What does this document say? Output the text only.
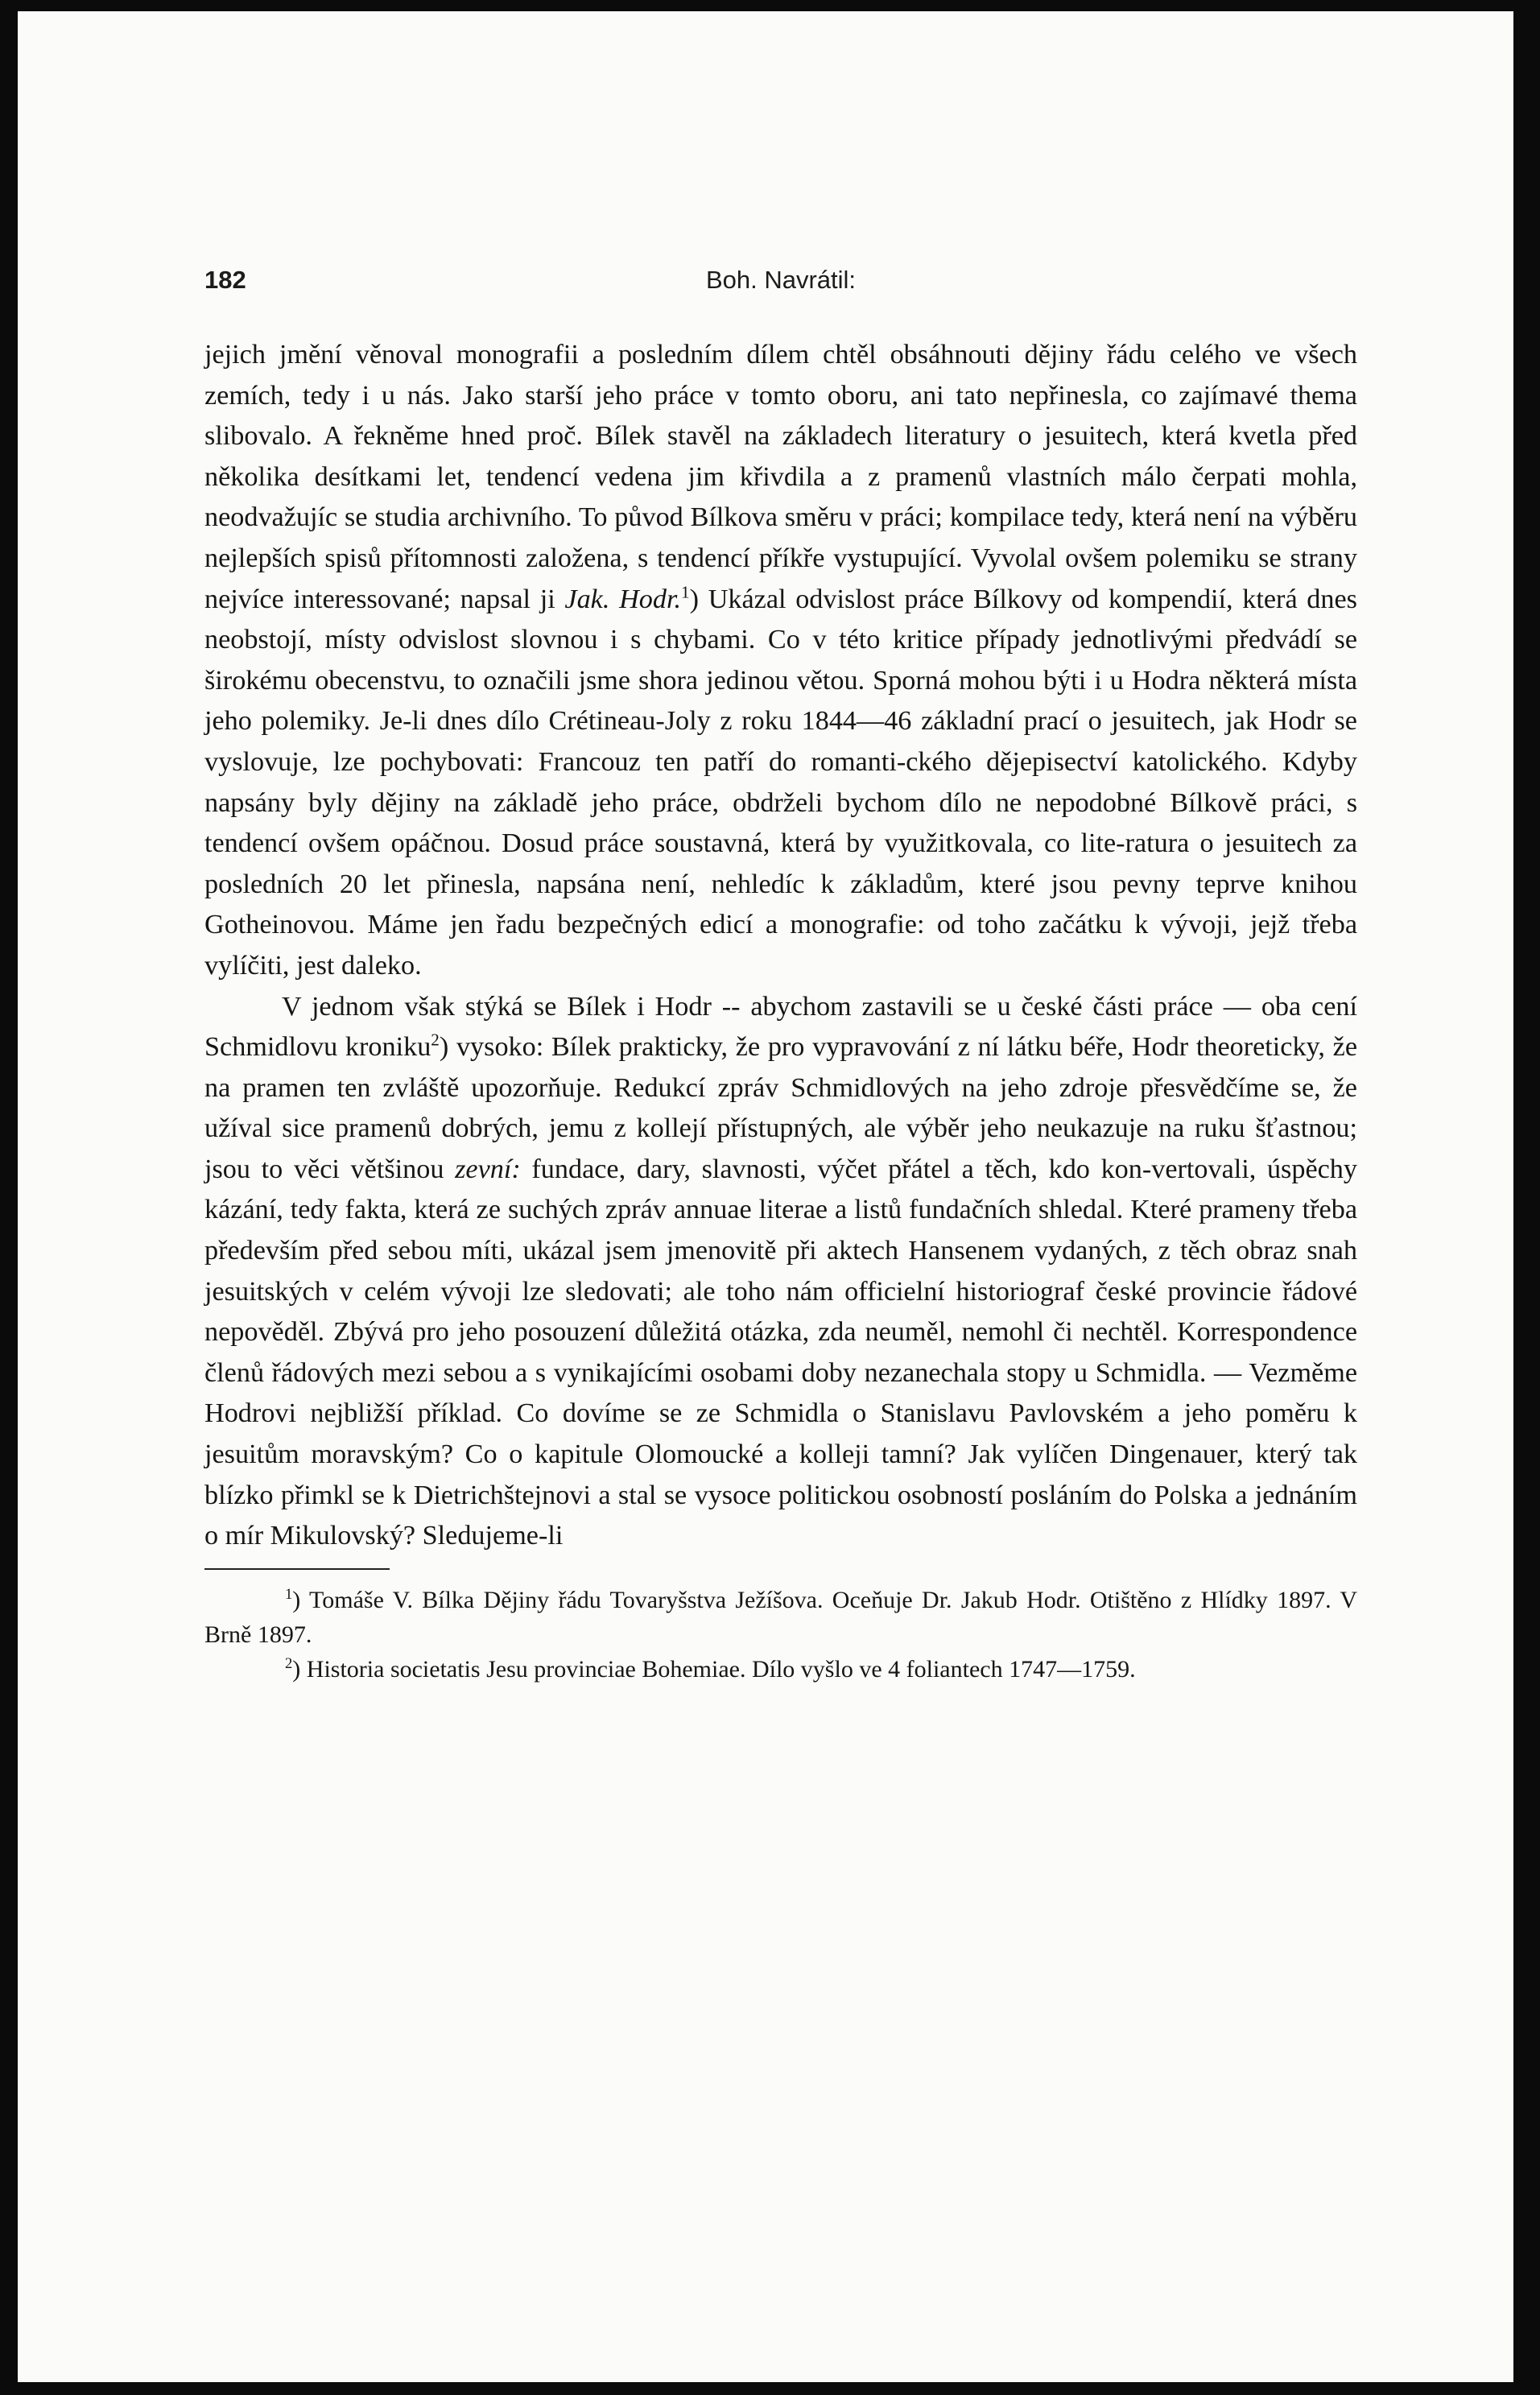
182	Boh. Navrátil:

jejich jmění věnoval monografii a posledním dílem chtěl obsáhnouti dějiny řádu celého ve všech zemích, tedy i u nás. Jako starší jeho práce v tomto oboru, ani tato nepřinesla, co zajímavé thema slibovalo. A řekněme hned proč. Bílek stavěl na základech literatury o jesuitech, která kvetla před několika desítkami let, tendencí vedena jim křivdila a z pramenů vlastních málo čerpati mohla, neodvažujíc se studia archivního. To původ Bílkova směru v práci; kompilace tedy, která není na výběru nejlepších spisů přítomnosti založena, s tendencí příkře vystupující. Vyvolal ovšem polemiku se strany nejvíce interessované; napsal ji Jak. Hodr.$^1$) Ukázal odvislost práce Bílkovy od kompendií, která dnes neobstojí, místy odvislost slovnou i s chybami. Co v této kritice případy jednotlivými předvádí se širokému obecenstvu, to označili jsme shora jedinou větou. Sporná mohou býti i u Hodra některá místa jeho polemiky. Je-li dnes dílo Crétineau-Joly z roku 1844—46 základní prací o jesuitech, jak Hodr se vyslovuje, lze pochybovati: Francouz ten patří do romanti-ckého dějepisectví katolického. Kdyby napsány byly dějiny na základě jeho práce, obdrželi bychom dílo ne nepodobné Bílkově práci, s tendencí ovšem opáčnou. Dosud práce soustavná, která by využitkovala, co lite-ratura o jesuitech za posledních 20 let přinesla, napsána není, nehledíc k základům, které jsou pevny teprve knihou Gotheinovou. Máme jen řadu bezpečných edicí a monografie: od toho začátku k vývoji, jejž třeba vylíčiti, jest daleko.

V jednom však stýká se Bílek i Hodr -- abychom zastavili se u české části práce — oba cení Schmidlovu kroniku$^2$) vysoko: Bílek prakticky, že pro vypravování z ní látku béře, Hodr theoreticky, že na pramen ten zvláště upozorňuje. Redukcí zpráv Schmidlových na jeho zdroje přesvědčíme se, že užíval sice pramenů dobrých, jemu z kollejí přístupných, ale výběr jeho neukazuje na ruku šťastnou; jsou to věci většinou zevní: fundace, dary, slavnosti, výčet přátel a těch, kdo kon-vertovali, úspěchy kázání, tedy fakta, která ze suchých zpráv annuae literae a listů fundačních shledal. Které prameny třeba především před sebou míti, ukázal jsem jmenovitě při aktech Hansenem vydaných, z těch obraz snah jesuitských v celém vývoji lze sledovati; ale toho nám officielní historiograf české provincie řádové nepověděl. Zbývá pro jeho posouzení důležitá otázka, zda neuměl, nemohl či nechtěl. Korrespondence členů řádových mezi sebou a s vynikajícími osobami doby nezanechala stopy u Schmidla. — Vezměme Hodrovi nejbližší příklad. Co dovíme se ze Schmidla o Stanislavu Pavlovském a jeho poměru k jesuitům moravským? Co o kapitule Olomoucké a kolleji tamní? Jak vylíčen Dingenauer, který tak blízko přimkl se k Dietrichštejnovi a stal se vysoce politickou osobností posláním do Polska a jednáním o mír Mikulovský? Sledujeme-li

$^1$) Tomáše V. Bílka Dějiny řádu Tovaryšstva Ježíšova. Oceňuje Dr. Jakub Hodr. Otištěno z Hlídky 1897. V Brně 1897.

$^2$) Historia societatis Jesu provinciae Bohemiae. Dílo vyšlo ve 4 foliantech 1747—1759.
